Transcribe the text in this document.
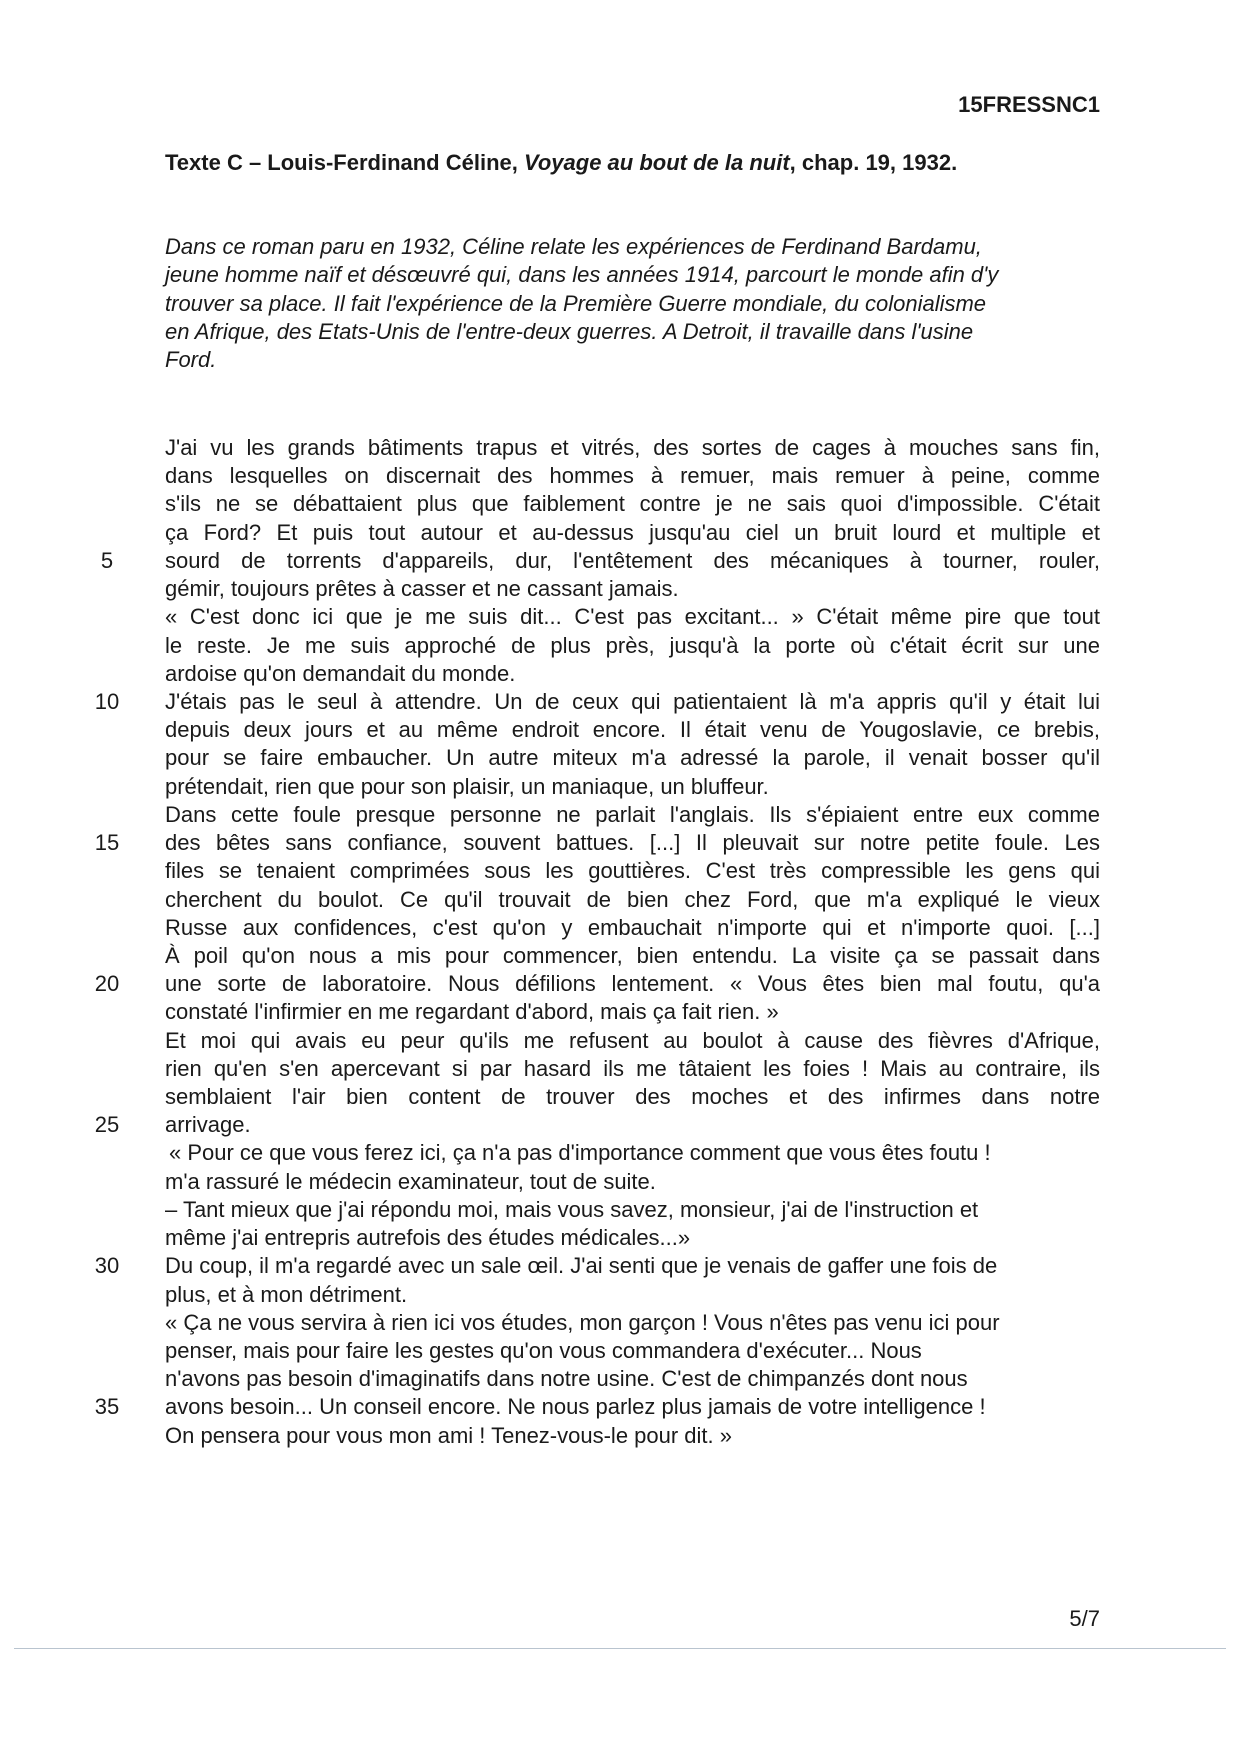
15FRESSNC1
Texte C – Louis-Ferdinand Céline, Voyage au bout de la nuit, chap. 19, 1932.
Dans ce roman paru en 1932, Céline relate les expériences de Ferdinand Bardamu,
jeune homme naïf et désœuvré qui, dans les années 1914, parcourt le monde afin d'y
trouver sa place. Il fait l'expérience de la Première Guerre mondiale, du colonialisme
en Afrique, des Etats-Unis de l'entre-deux guerres. A Detroit, il travaille dans l'usine
Ford.
J'ai vu les grands bâtiments trapus et vitrés, des sortes de cages à mouches sans fin,
dans lesquelles on discernait des hommes à remuer, mais remuer à peine, comme
s'ils ne se débattaient plus que faiblement contre je ne sais quoi d'impossible. C'était
ça Ford? Et puis tout autour et au-dessus jusqu'au ciel un bruit lourd et multiple et
5	sourd de torrents d'appareils, dur, l'entêtement des mécaniques à tourner, rouler,
gémir, toujours prêtes à casser et ne cassant jamais.
« C'est donc ici que je me suis dit... C'est pas excitant... » C'était même pire que tout
le reste. Je me suis approché de plus près, jusqu'à la porte où c'était écrit sur une
ardoise qu'on demandait du monde.
10	J'étais pas le seul à attendre. Un de ceux qui patientaient là m'a appris qu'il y était lui
depuis deux jours et au même endroit encore. Il était venu de Yougoslavie, ce brebis,
pour se faire embaucher. Un autre miteux m'a adressé la parole, il venait bosser qu'il
prétendait, rien que pour son plaisir, un maniaque, un bluffeur.
Dans cette foule presque personne ne parlait l'anglais. Ils s'épiaient entre eux comme
15	des bêtes sans confiance, souvent battues. [...] Il pleuvait sur notre petite foule. Les
files se tenaient comprimées sous les gouttières. C'est très compressible les gens qui
cherchent du boulot. Ce qu'il trouvait de bien chez Ford, que m'a expliqué le vieux
Russe aux confidences, c'est qu'on y embauchait n'importe qui et n'importe quoi. [...]
À poil qu'on nous a mis pour commencer, bien entendu. La visite ça se passait dans
20	une sorte de laboratoire. Nous défilions lentement. « Vous êtes bien mal foutu, qu'a
constaté l'infirmier en me regardant d'abord, mais ça fait rien. »
Et moi qui avais eu peur qu'ils me refusent au boulot à cause des fièvres d'Afrique,
rien qu'en s'en apercevant si par hasard ils me tâtaient les foies ! Mais au contraire, ils
semblaient l'air bien content de trouver des moches et des infirmes dans notre
25	arrivage.
« Pour ce que vous ferez ici, ça n'a pas d'importance comment que vous êtes foutu !
m'a rassuré le médecin examinateur, tout de suite.
– Tant mieux que j'ai répondu moi, mais vous savez, monsieur, j'ai de l'instruction et
même j'ai entrepris autrefois des études médicales...»
30	Du coup, il m'a regardé avec un sale œil. J'ai senti que je venais de gaffer une fois de
plus, et à mon détriment.
« Ça ne vous servira à rien ici vos études, mon garçon ! Vous n'êtes pas venu ici pour
penser, mais pour faire les gestes qu'on vous commandera d'exécuter... Nous
n'avons pas besoin d'imaginatifs dans notre usine. C'est de chimpanzés dont nous
35	avons besoin... Un conseil encore. Ne nous parlez plus jamais de votre intelligence !
On pensera pour vous mon ami ! Tenez-vous-le pour dit. »
5/7
